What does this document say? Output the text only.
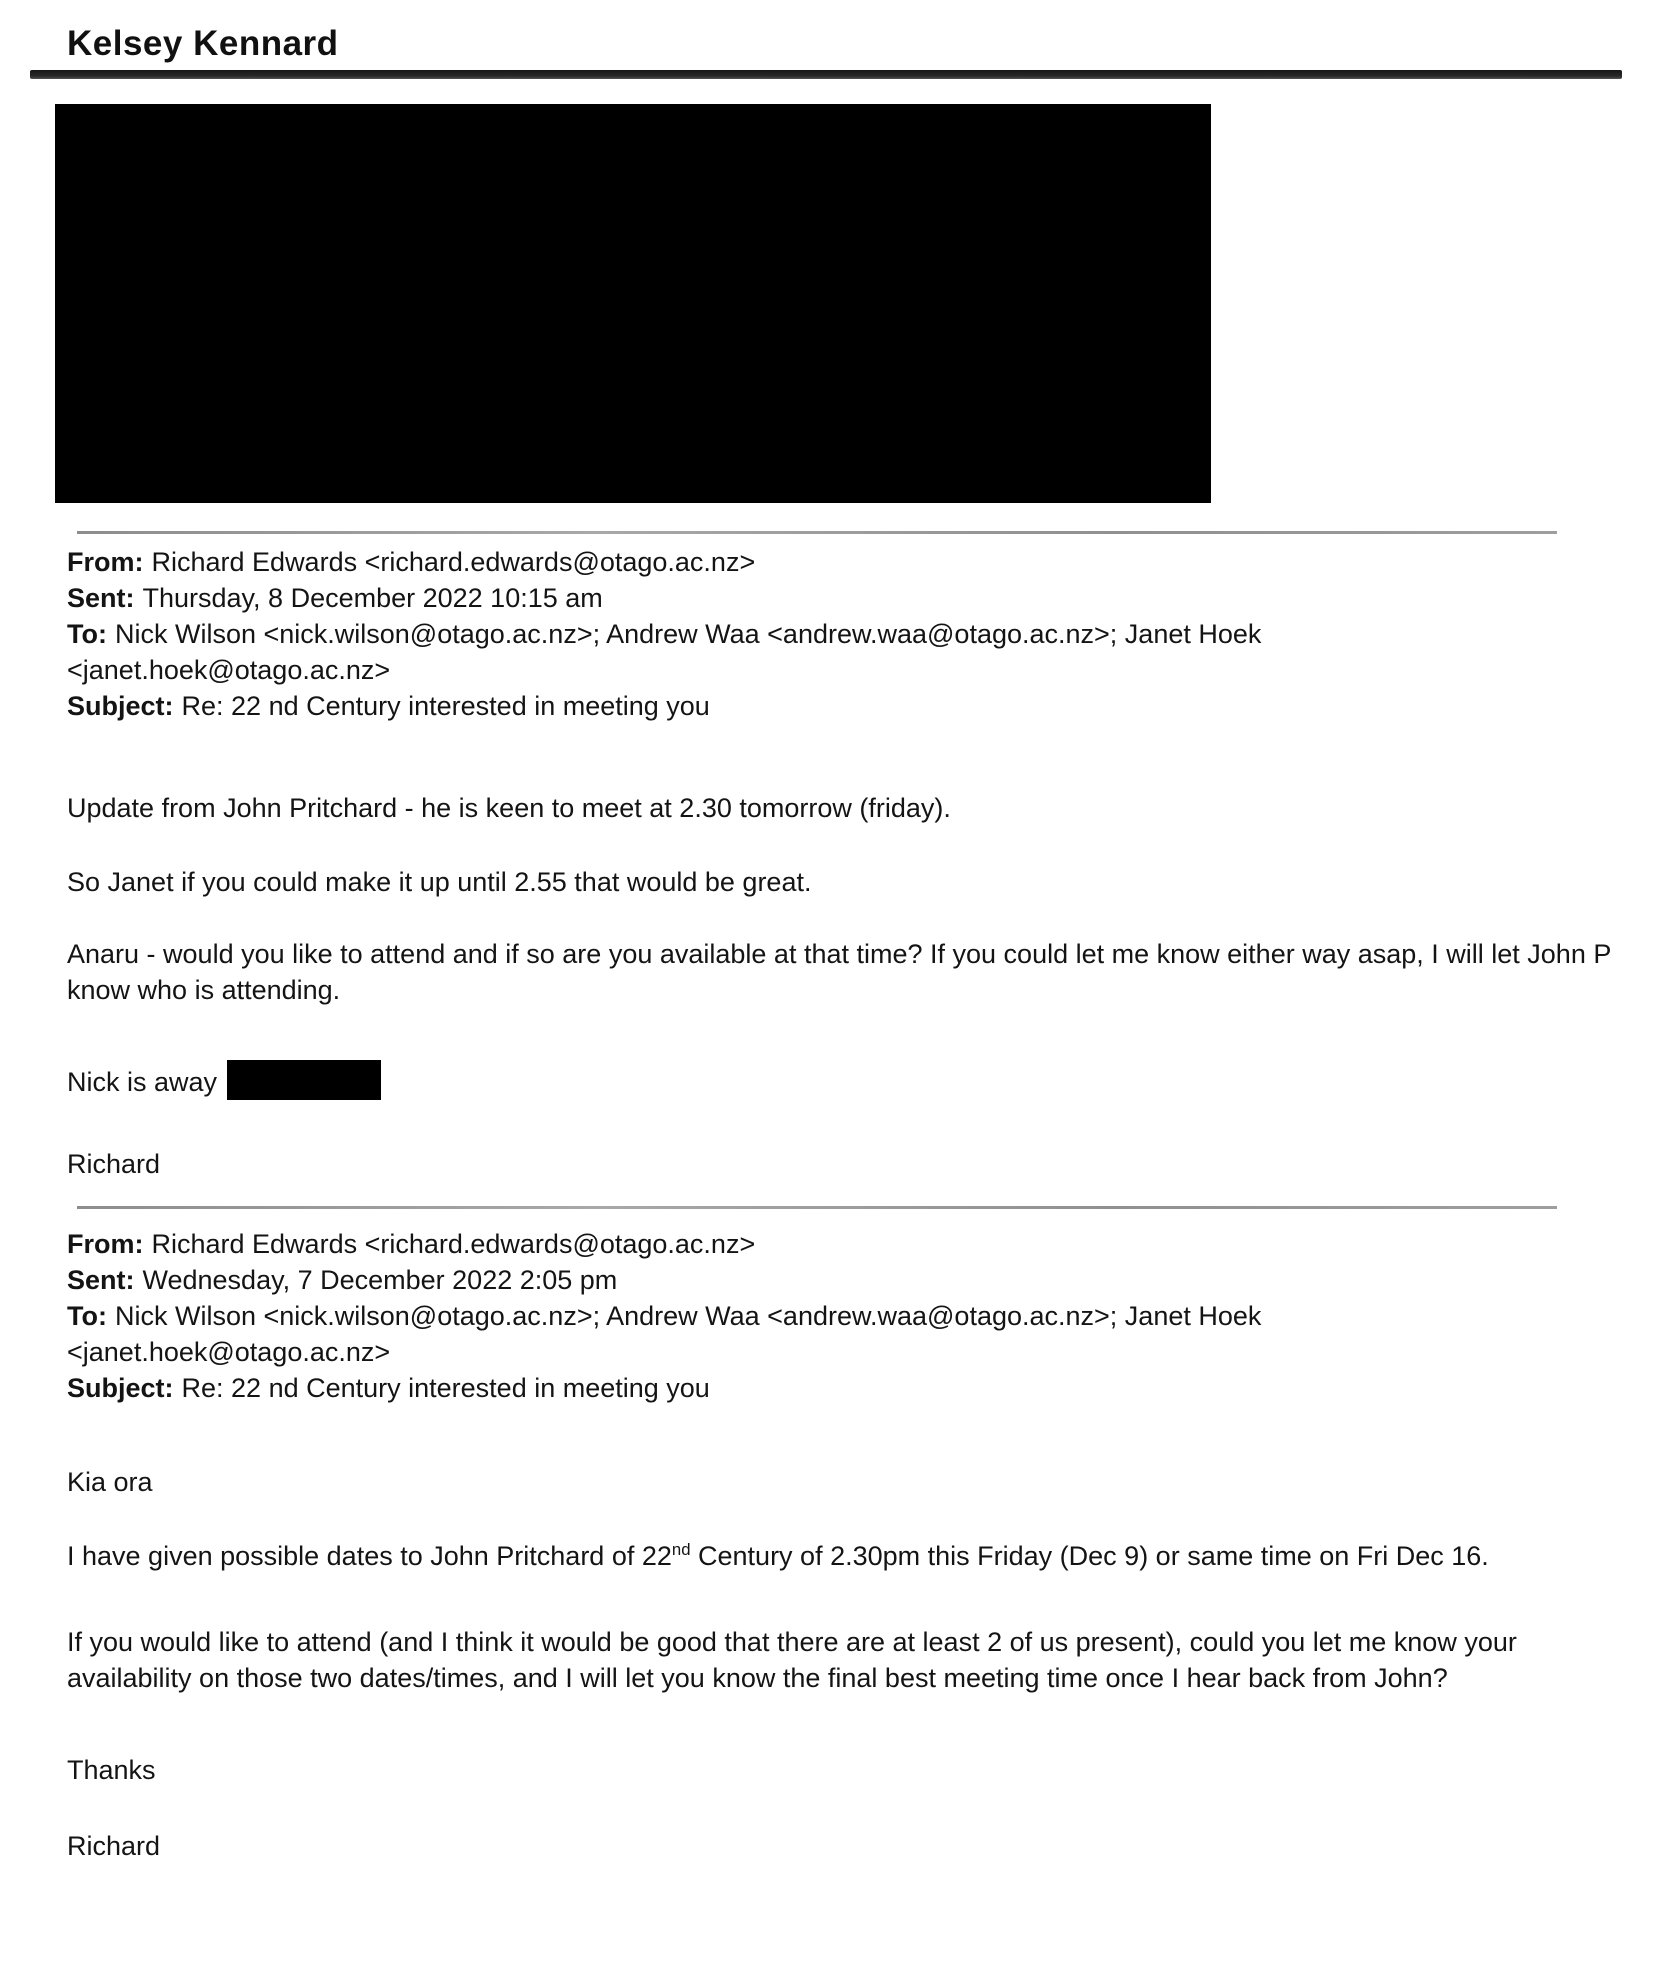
Kelsey Kennard
From: Richard Edwards <richard.edwards@otago.ac.nz>
Sent: Thursday, 8 December 2022 10:15 am
To: Nick Wilson <nick.wilson@otago.ac.nz>; Andrew Waa <andrew.waa@otago.ac.nz>; Janet Hoek
<janet.hoek@otago.ac.nz>
Subject: Re: 22 nd Century interested in meeting you

Update from John Pritchard - he is keen to meet at 2.30 tomorrow (friday).

So Janet if you could make it up until 2.55 that would be great.

Anaru - would you like to attend and if so are you available at that time? If you could let me know either way asap, I will let John P know who is attending.

Nick is away

Richard

From: Richard Edwards <richard.edwards@otago.ac.nz>
Sent: Wednesday, 7 December 2022 2:05 pm
To: Nick Wilson <nick.wilson@otago.ac.nz>; Andrew Waa <andrew.waa@otago.ac.nz>; Janet Hoek
<janet.hoek@otago.ac.nz>
Subject: Re: 22 nd Century interested in meeting you

Kia ora

I have given possible dates to John Pritchard of 22nd Century of 2.30pm this Friday (Dec 9) or same time on Fri Dec 16.

If you would like to attend (and I think it would be good that there are at least 2 of us present), could you let me know your availability on those two dates/times, and I will let you know the final best meeting time once I hear back from John?

Thanks

Richard
